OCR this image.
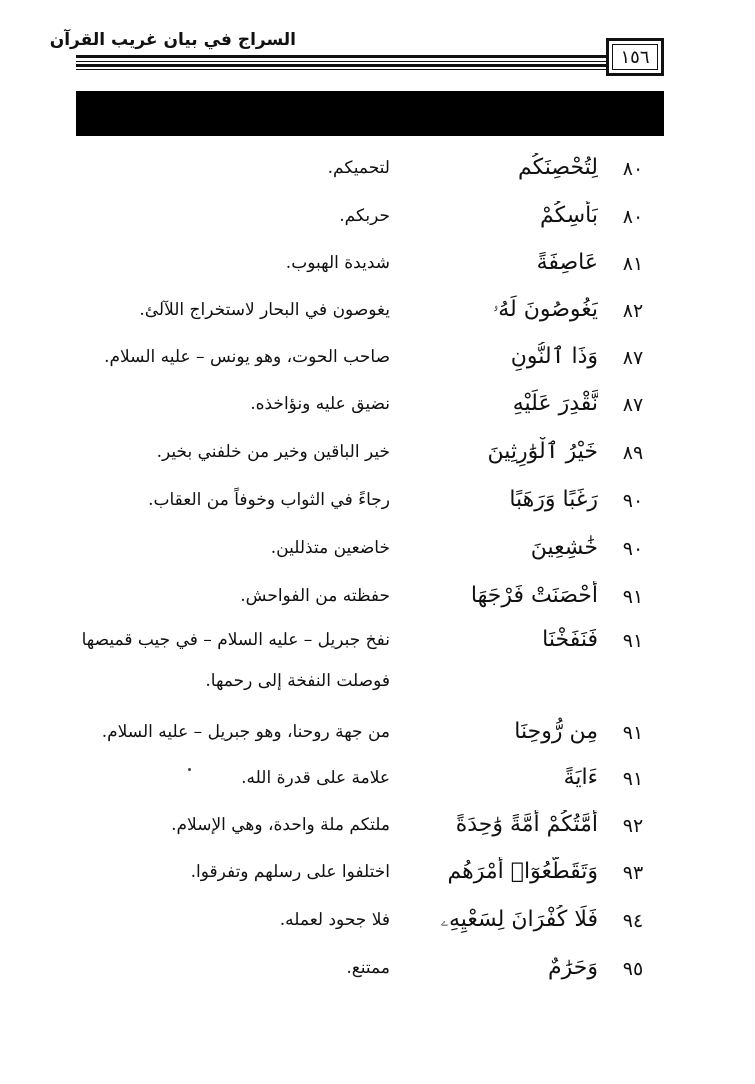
السراج في بيان غريب القرآن
١٥٦
٨٠
لِتُحْصِنَكُم
لتحميكم.
٨٠
بَأْسِكُمْ
حربكم.
٨١
عَاصِفَةً
شديدة الهبوب.
٨٢
يَغُوصُونَ لَهُۥ
يغوصون في البحار لاستخراج اللآلئ.
٨٧
وَذَا ٱلنُّونِ
صاحب الحوت، وهو يونس – عليه السلام.
٨٧
نَّقْدِرَ عَلَيْهِ
نضيق عليه ونؤاخذه.
٨٩
خَيْرُ ٱلْوَٰرِثِينَ
خير الباقين وخير من خلفني بخير.
٩٠
رَغَبًا وَرَهَبًا
رجاءً في الثواب وخوفاً من العقاب.
٩٠
خَٰشِعِينَ
خاضعين متذللين.
٩١
أَحْصَنَتْ فَرْجَهَا
حفظته من الفواحش.
٩١
فَنَفَخْنَا
نفخ جبريل – عليه السلام – في جيب قميصها فوصلت النفخة إلى رحمها.
٩١
مِن رُّوحِنَا
من جهة روحنا، وهو جبريل – عليه السلام.
٩١
ءَايَةً
علامة على قدرة الله.
٩٢
أُمَّتُكُمْ أُمَّةً وَٰحِدَةً
ملتكم ملة واحدة، وهي الإسلام.
٩٣
وَتَقَطَّعُوٓا۟ أَمْرَهُم
اختلفوا على رسلهم وتفرقوا.
٩٤
فَلَا كُفْرَانَ لِسَعْيِهِۦ
فلا جحود لعمله.
٩٥
وَحَرَٰمٌ
ممتنع.
